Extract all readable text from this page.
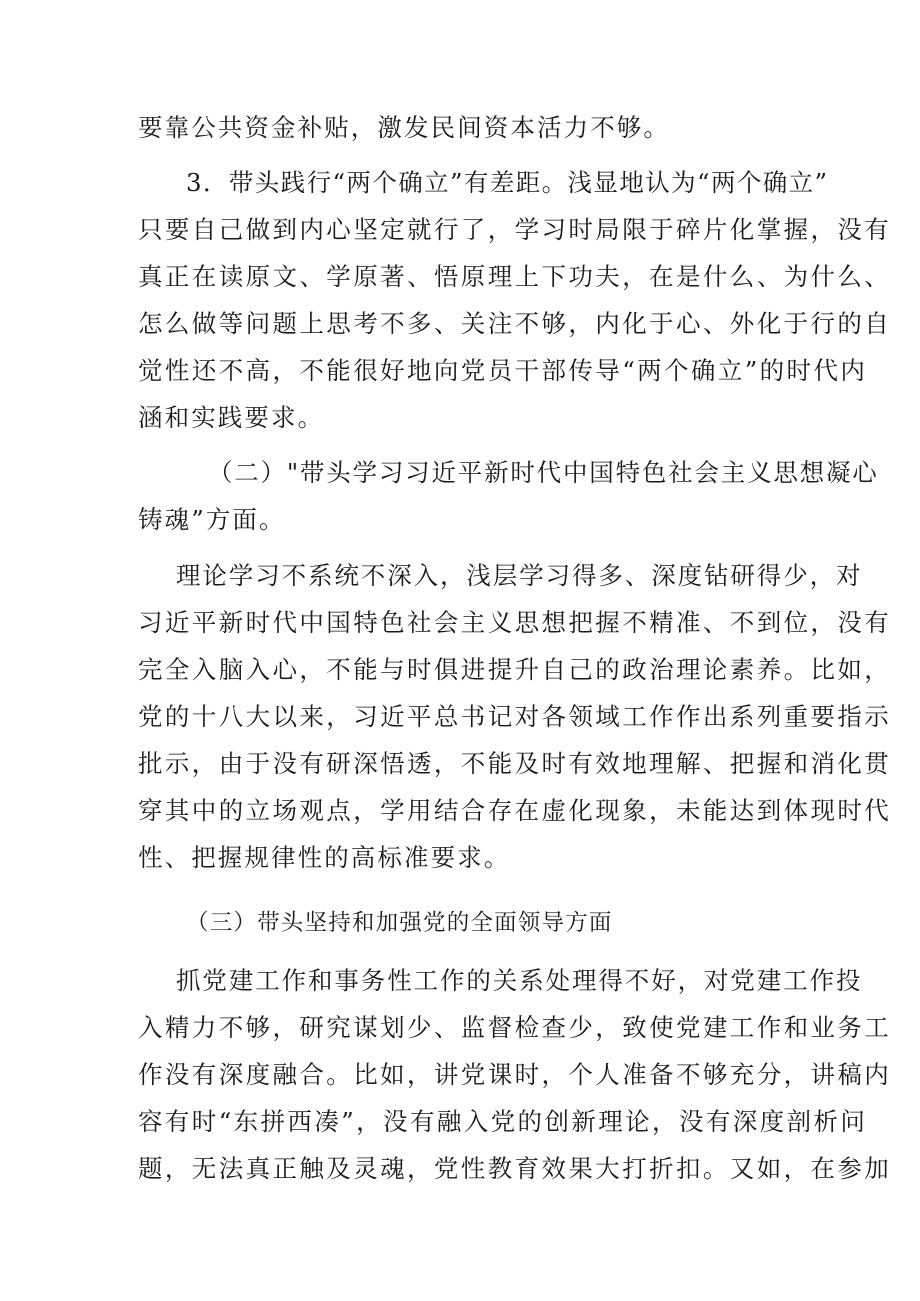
要靠公共资金补贴，激发民间资本活力不够。
3．带头践行“两个确立”有差距。浅显地认为“两个确立”
只要自己做到内心坚定就行了，学习时局限于碎片化掌握，没有
真正在读原文、学原著、悟原理上下功夫，在是什么、为什么、
怎么做等问题上思考不多、关注不够，内化于心、外化于行的自
觉性还不高，不能很好地向党员干部传导“两个确立”的时代内
涵和实践要求。
（二）"带头学习习近平新时代中国特色社会主义思想凝心
铸魂”方面。
理论学习不系统不深入，浅层学习得多、深度钻研得少，对
习近平新时代中国特色社会主义思想把握不精准、不到位，没有
完全入脑入心，不能与时俱进提升自己的政治理论素养。比如，
党的十八大以来，习近平总书记对各领域工作作出系列重要指示
批示，由于没有研深悟透，不能及时有效地理解、把握和消化贯
穿其中的立场观点，学用结合存在虚化现象，未能达到体现时代
性、把握规律性的高标准要求。
（三）带头坚持和加强党的全面领导方面
抓党建工作和事务性工作的关系处理得不好，对党建工作投
入精力不够，研究谋划少、监督检查少，致使党建工作和业务工
作没有深度融合。比如，讲党课时，个人准备不够充分，讲稿内
容有时“东拼西凑”，没有融入党的创新理论，没有深度剖析问
题，无法真正触及灵魂，党性教育效果大打折扣。又如，在参加
